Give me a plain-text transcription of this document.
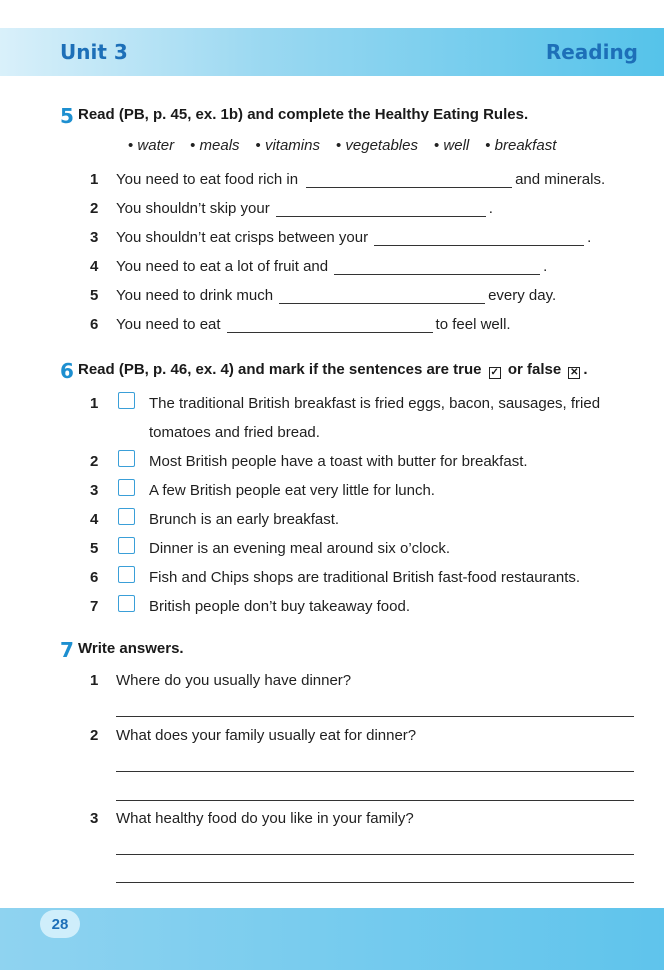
Unit 3	Reading
5 Read (PB, p. 45, ex. 1b) and complete the Healthy Eating Rules.
• water	• meals	• vitamins	• vegetables	• well	• breakfast
1 You need to eat food rich in	and minerals.
2 You shouldn’t skip your	.
3 You shouldn’t eat crisps between your	.
4 You need to eat a lot of fruit and	.
5 You need to drink much	every day.
6 You need to eat	to feel well.
6 Read (PB, p. 46, ex. 4) and mark if the sentences are true ✓ or false ✕ .
1	The traditional British breakfast is fried eggs, bacon, sausages, fried
tomatoes and fried bread.
2	Most British people have a toast with butter for breakfast.
3	A few British people eat very little for lunch.
4	Brunch is an early breakfast.
5	Dinner is an evening meal around six o’clock.
6	Fish and Chips shops are traditional British fast-food restaurants.
7	British people don’t buy takeaway food.
7 Write answers.
1 Where do you usually have dinner?
2 What does your family usually eat for dinner?
3 What healthy food do you like in your family?
28
